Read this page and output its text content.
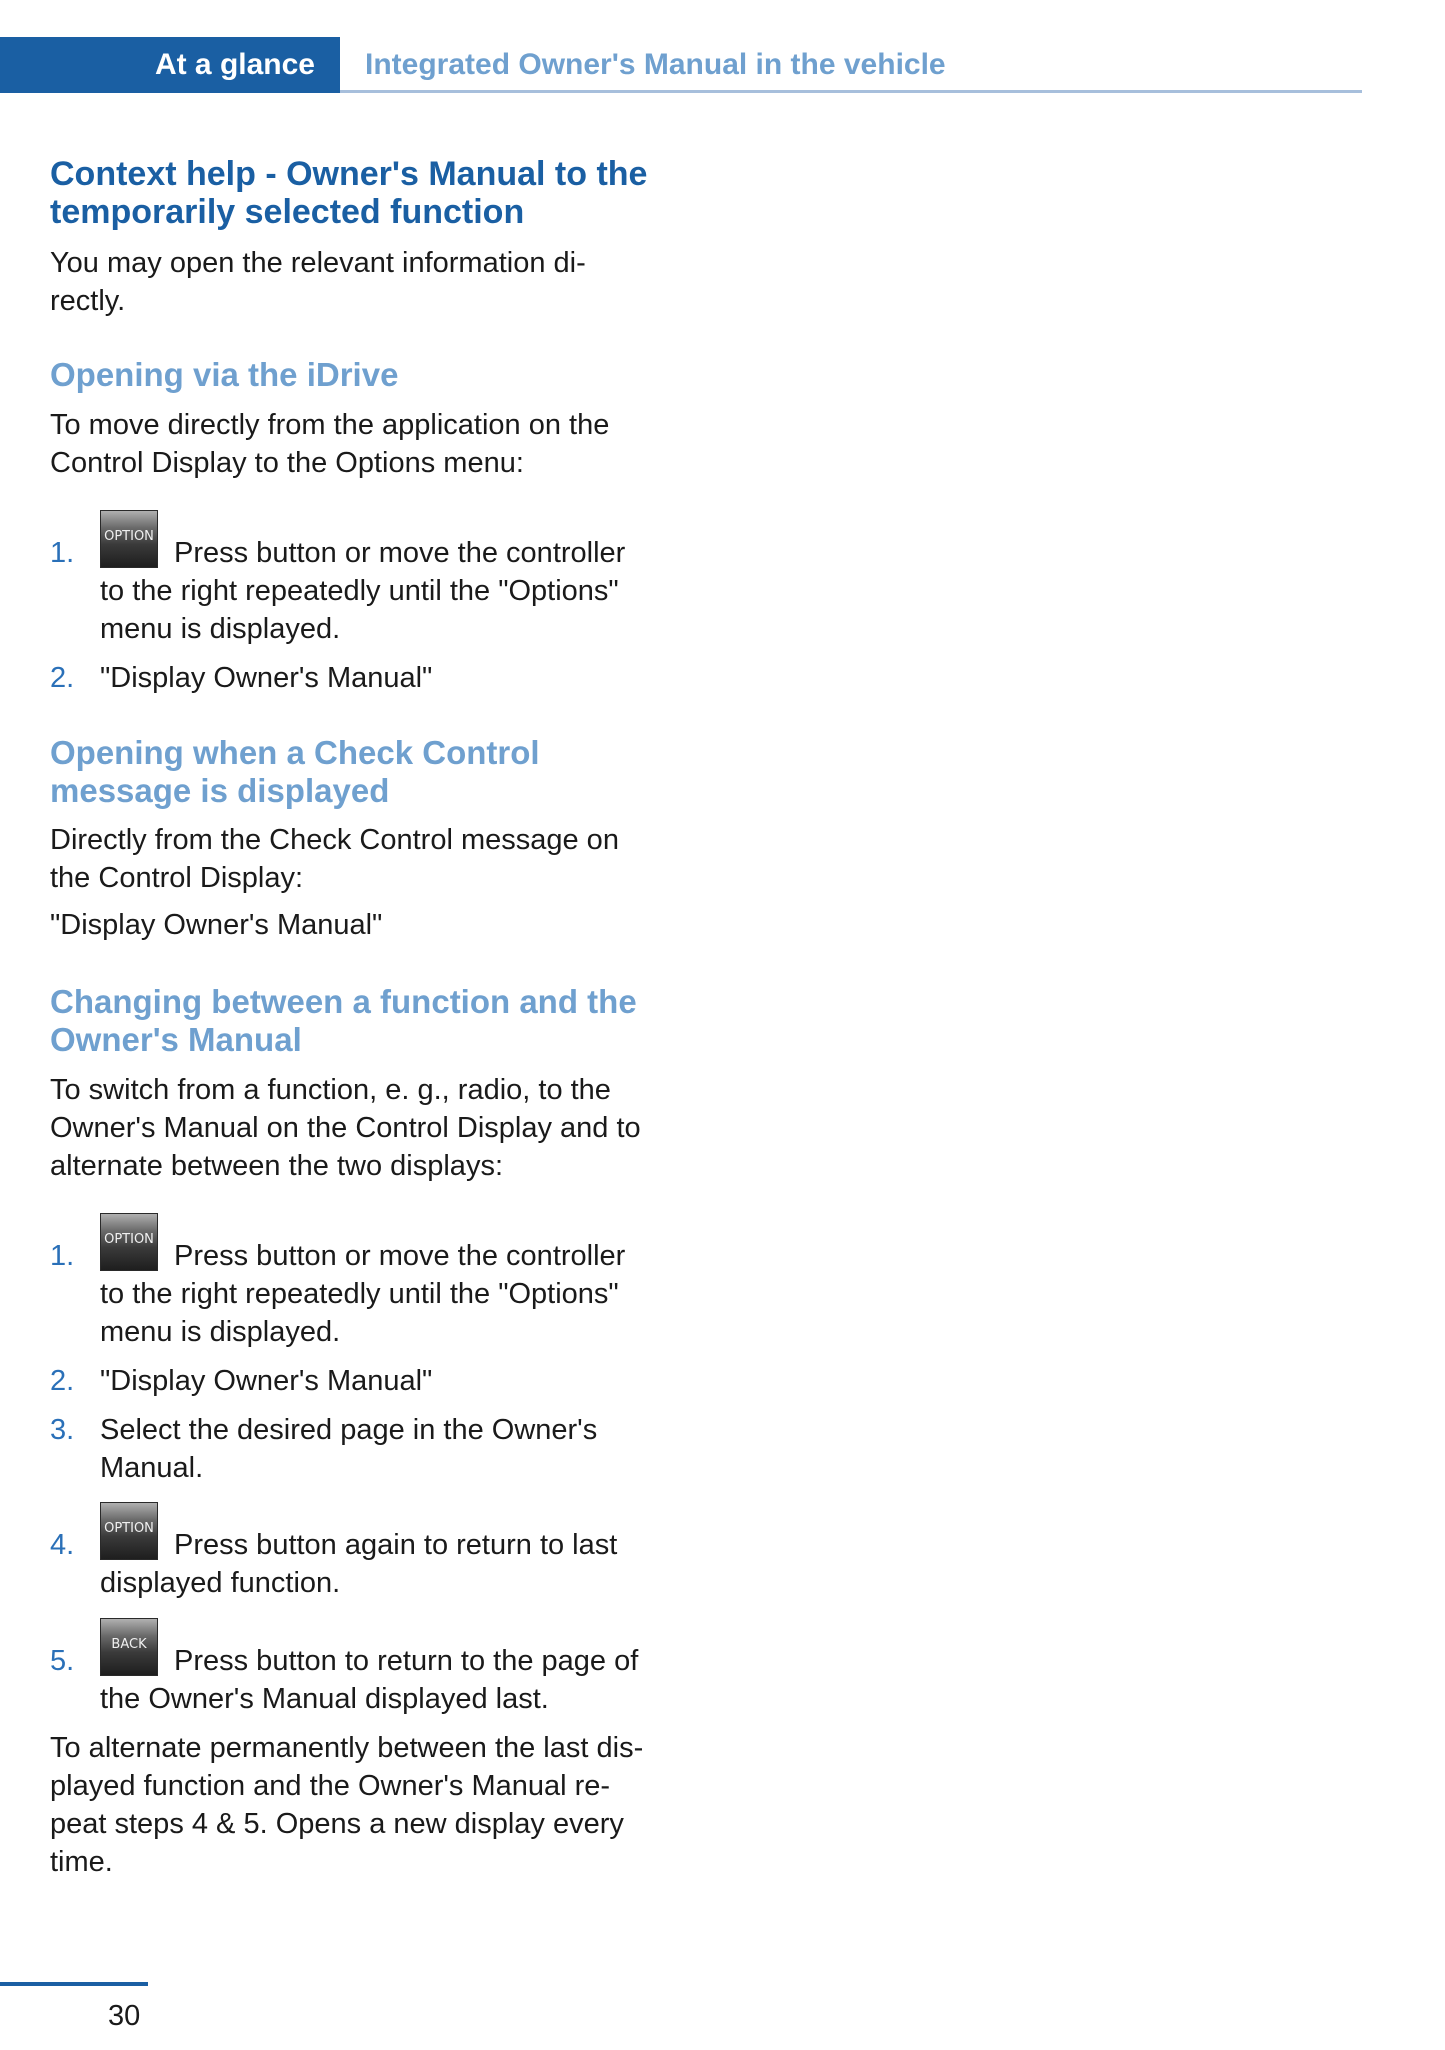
At a glance	Integrated Owner's Manual in the vehicle
Context help - Owner's Manual to the temporarily selected function

You may open the relevant information di-
rectly.

Opening via the iDrive

To move directly from the application on the
Control Display to the Options menu:

1.
OPTION
Press button or move the controller

to the right repeatedly until the "Options"
menu is displayed.

2. "Display Owner's Manual"

Opening when a Check Control message is displayed

Directly from the Check Control message on
the Control Display:

"Display Owner's Manual"

Changing between a function and the Owner's Manual

To switch from a function, e. g., radio, to the
Owner's Manual on the Control Display and to
alternate between the two displays:

1.
OPTION
Press button or move the controller

to the right repeatedly until the "Options"
menu is displayed.

2. "Display Owner's Manual"

3. Select the desired page in the Owner's
Manual.

4.
OPTION
Press button again to return to last

displayed function.

5.
BACK
Press button to return to the page of

the Owner's Manual displayed last.

To alternate permanently between the last dis-
played function and the Owner's Manual re-
peat steps 4 & 5. Opens a new display every
time.

30
